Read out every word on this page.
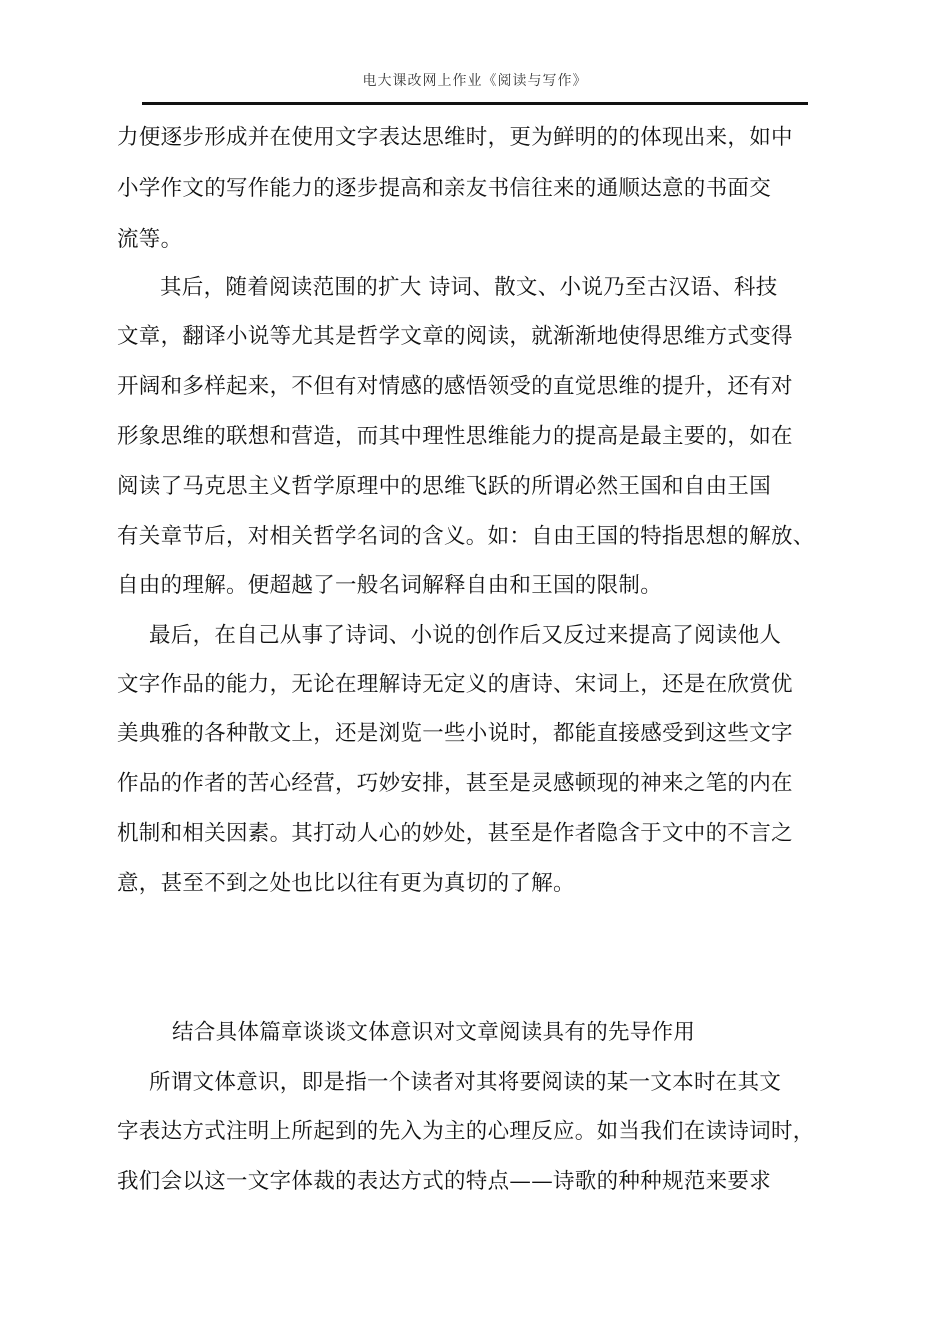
电大课改网上作业《阅读与写作》
力便逐步形成并在使用文字表达思维时，更为鲜明的的体现出来，如中
小学作文的写作能力的逐步提高和亲友书信往来的通顺达意的书面交
流等。
其后，随着阅读范围的扩大 诗词、散文、小说乃至古汉语、科技
文章，翻译小说等尤其是哲学文章的阅读，就渐渐地使得思维方式变得
开阔和多样起来，不但有对情感的感悟领受的直觉思维的提升，还有对
形象思维的联想和营造，而其中理性思维能力的提高是最主要的，如在
阅读了马克思主义哲学原理中的思维飞跃的所谓必然王国和自由王国
有关章节后，对相关哲学名词的含义。如：自由王国的特指思想的解放、
自由的理解。便超越了一般名词解释自由和王国的限制。
最后，在自己从事了诗词、小说的创作后又反过来提高了阅读他人
文字作品的能力，无论在理解诗无定义的唐诗、宋词上，还是在欣赏优
美典雅的各种散文上，还是浏览一些小说时，都能直接感受到这些文字
作品的作者的苦心经营，巧妙安排，甚至是灵感顿现的神来之笔的内在
机制和相关因素。其打动人心的妙处，甚至是作者隐含于文中的不言之
意，甚至不到之处也比以往有更为真切的了解。
结合具体篇章谈谈文体意识对文章阅读具有的先导作用
所谓文体意识，即是指一个读者对其将要阅读的某一文本时在其文
字表达方式注明上所起到的先入为主的心理反应。如当我们在读诗词时，
我们会以这一文字体裁的表达方式的特点——诗歌的种种规范来要求
